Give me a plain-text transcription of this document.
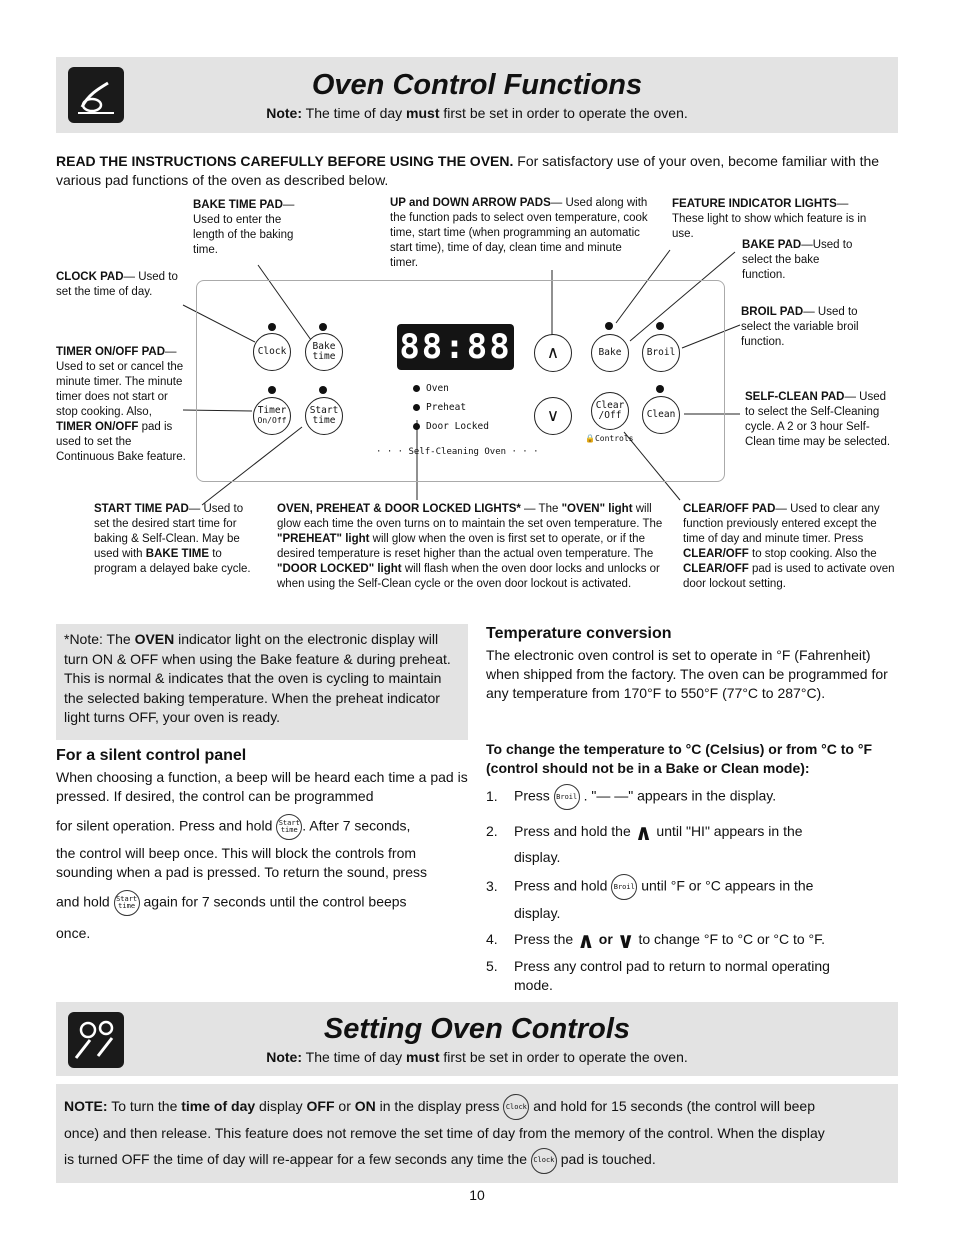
Oven Control Functions
Note: The time of day must first be set in order to operate the oven.
READ THE INSTRUCTIONS CAREFULLY BEFORE USING THE OVEN. For satisfactory use of your oven, become familiar with the various pad functions of the oven as described below.
BAKE TIME PAD— Used to enter the length of the baking time.
UP and DOWN ARROW PADS— Used along with the function pads to select oven temperature, cook time, start time (when programming an automatic start time), time of day, clean time and minute timer.
FEATURE INDICATOR LIGHTS— These light to show which feature is in use.
BAKE PAD—Used to select the bake function.
CLOCK PAD— Used to set the time of day.
BROIL PAD— Used to select the variable broil function.
TIMER ON/OFF PAD— Used to set or cancel the minute timer. The minute timer does not start or stop cooking. Also, TIMER ON/OFF pad is used to set the Continuous Bake feature.
SELF-CLEAN PAD— Used to select the Self-Cleaning cycle. A 2 or 3 hour Self-Clean time may be selected.
START TIME PAD— Used to set the desired start time for baking & Self-Clean. May be used with BAKE TIME to program a delayed bake cycle.
OVEN, PREHEAT & DOOR LOCKED LIGHTS* — The "OVEN" light will glow each time the oven turns on to maintain the set oven temperature. The "PREHEAT" light will glow when the oven is first set to operate, or if the desired temperature is reset higher than the actual oven temperature. The "DOOR LOCKED" light will flash when the oven door locks and unlocks or when using the Self-Clean cycle or the oven door lockout is activated.
CLEAR/OFF PAD— Used to clear any function previously entered except the time of day and minute timer. Press CLEAR/OFF to stop cooking. Also the CLEAR/OFF pad is used to activate oven door lockout setting.
Clock	Bake
time
Timer
On/Off
Start
time
88:88
Oven
Preheat
Door Locked
· · · Self-Cleaning Oven · · ·
∧
∨
Bake	Broil
Clear
/Off
🔒Controls
Clean
*Note: The OVEN indicator light on the electronic display will turn ON & OFF when using the Bake feature & during preheat. This is normal & indicates that the oven is cycling to maintain the selected baking temperature. When the preheat indicator light turns OFF, your oven is ready.
For a silent control panel
When choosing a function, a beep will be heard each time a pad is pressed. If desired, the control can be programmed
for silent operation. Press and hold Start
time . After 7 seconds,
the control will beep once. This will block the controls from sounding when a pad is pressed. To return the sound, press
and hold Start
time again for 7 seconds until the control beeps
once.
Temperature conversion
The electronic oven control is set to operate in °F (Fahrenheit) when shipped from the factory. The oven can be programmed for any temperature from 170°F to 550°F (77°C to 287°C).
To change the temperature to °C (Celsius) or from °C to °F (control should not be in a Bake or Clean mode):
1. Press Broil . "— —" appears in the display.
2. Press and hold the ∧ until "HI" appears in the
display.
3. Press and hold Broil until °F or °C appears in the
display.
4. Press the ∧ or ∨ to change °F to °C or °C to °F.
5. Press any control pad to return to normal operating
mode.
Setting Oven Controls
Note: The time of day must first be set in order to operate the oven.
NOTE: To turn the time of day display OFF or ON in the display press Clock and hold for 15 seconds (the control will beep
once) and then release. This feature does not remove the set time of day from the memory of the control. When the display
is turned OFF the time of day will re-appear for a few seconds any time the Clock pad is touched.
10
